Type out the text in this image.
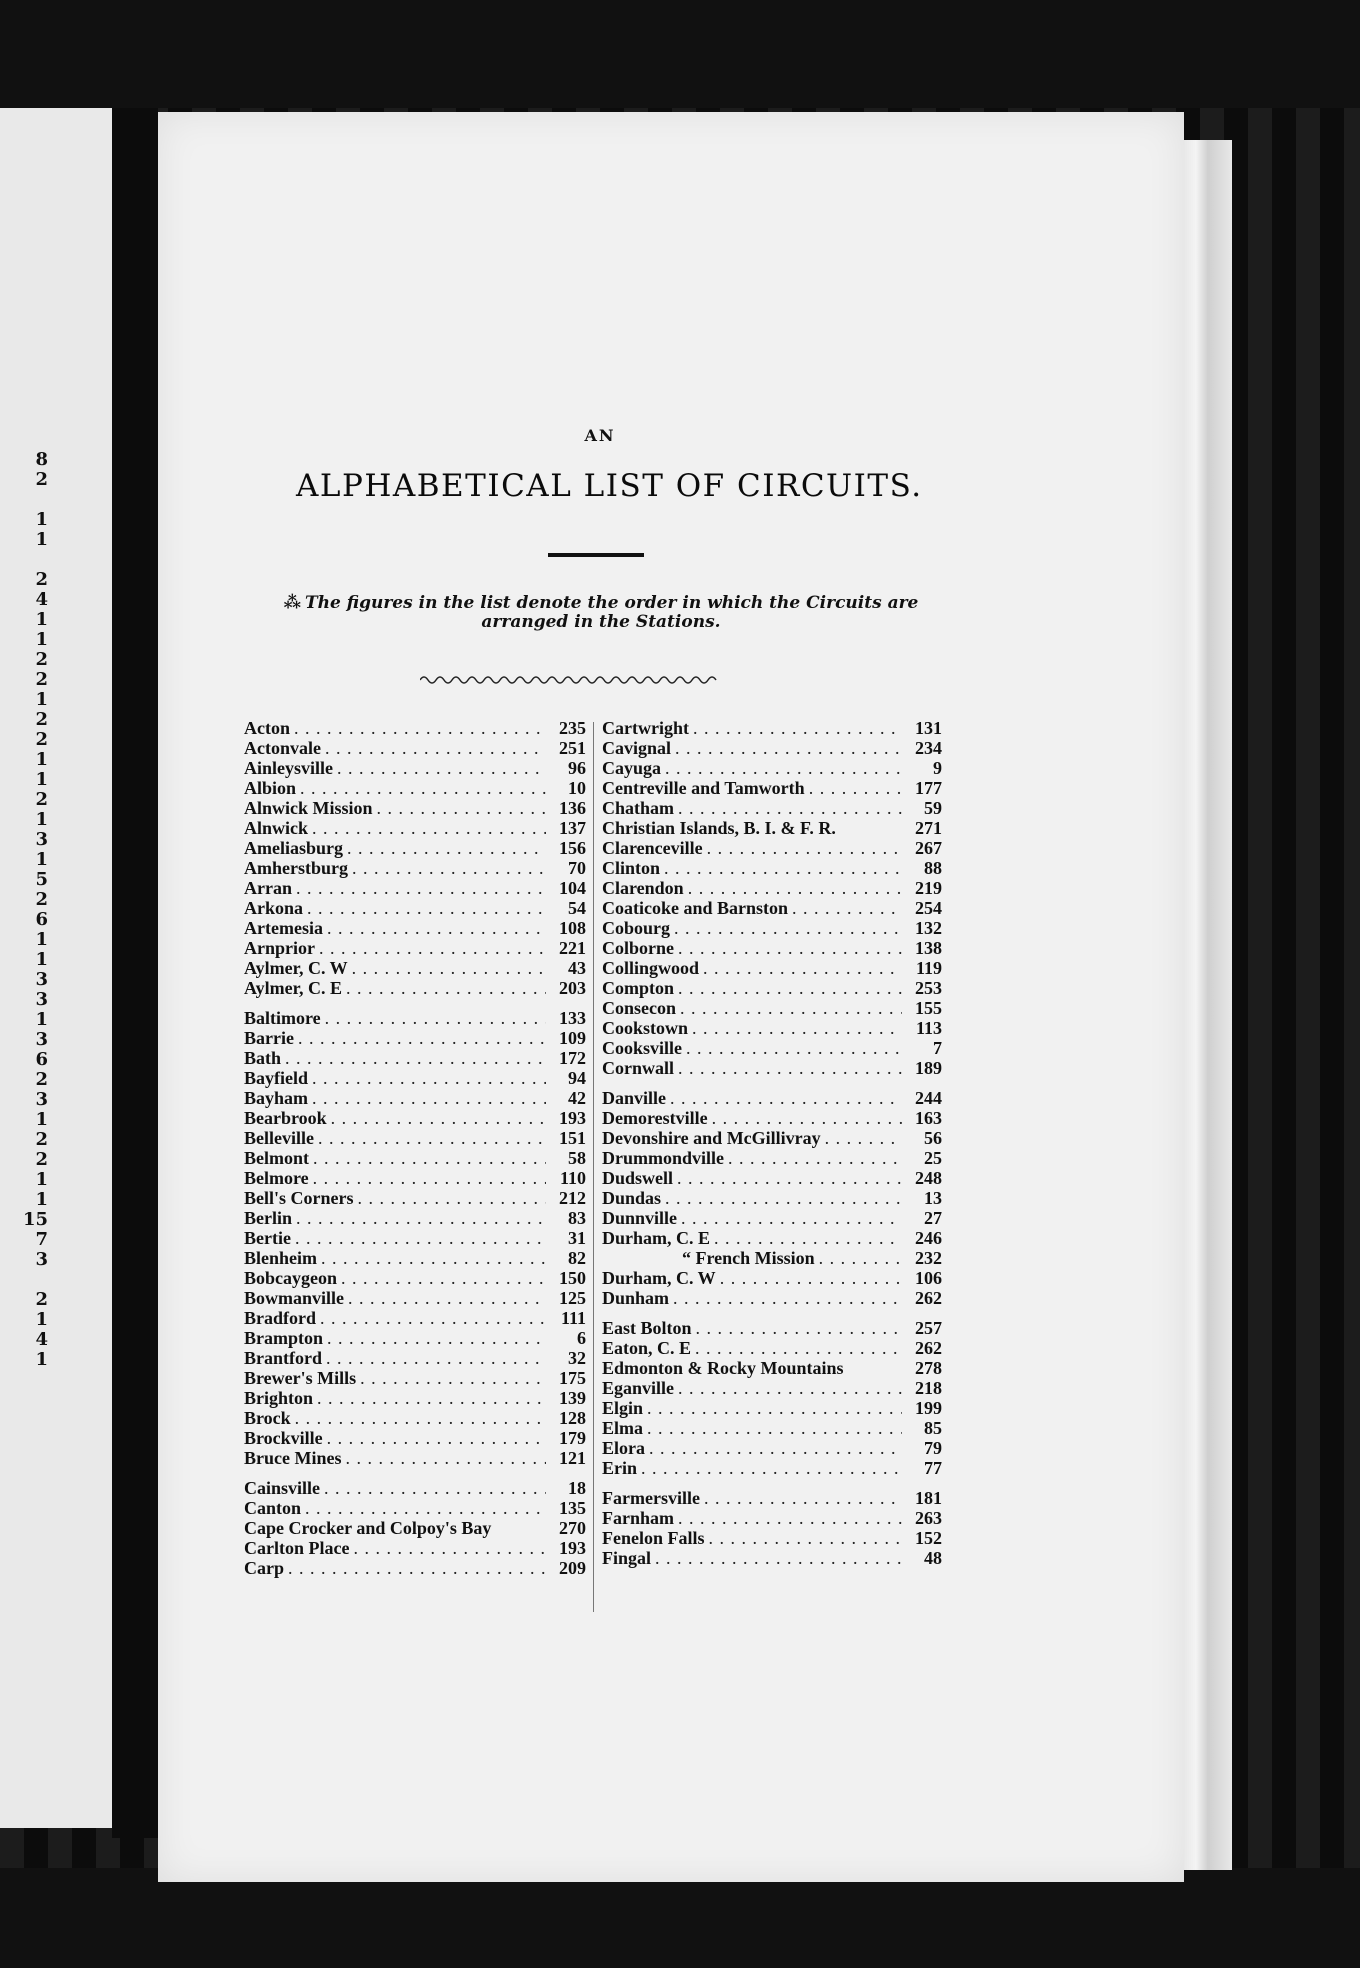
8
2
1
1
2
4
1
1
2
2
1
2
2
1
1
2
1
3
1
5
2
6
1
1
3
3
1
3
6
2
3
1
2
2
1
1
15
7
3
2
1
4
1
AN
ALPHABETICAL LIST OF CIRCUITS.
⁂ The figures in the list denote the order in which the Circuits are arranged in the Stations.
Acton . . .	235
Actonvale . . .	251
Ainleysville . . .	96
Albion . . .	10
Alnwick Mission . . .	136
Alnwick . . .	137
Ameliasburg . . .	156
Amherstburg . . .	70
Arran . . .	104
Arkona . . .	54
Artemesia . . .	108
Arnprior . . .	221
Aylmer, C. W . . .	43
Aylmer, C. E . . .	203
Baltimore . . .	133
Barrie . . .	109
Bath . . .	172
Bayfield . . .	94
Bayham . . .	42
Bearbrook . . .	193
Belleville . . .	151
Belmont . . .	58
Belmore . . .	110
Bell's Corners . . .	212
Berlin . . .	83
Bertie . . .	31
Blenheim . . .	82
Bobcaygeon . . .	150
Bowmanville . . .	125
Bradford . . .	111
Brampton . . .	6
Brantford . . .	32
Brewer's Mills . . .	175
Brighton . . .	139
Brock . . .	128
Brockville . . .	179
Bruce Mines . . .	121
Cainsville . . .	18
Canton . . .	135
Cape Crocker and Colpoy's Bay	270
Carlton Place . . .	193
Carp . . .	209
Cartwright . . .	131
Cavignal . . .	234
Cayuga . . .	9
Centreville and Tamworth . . .	177
Chatham . . .	59
Christian Islands, B. I. & F. R.	271
Clarenceville . . .	267
Clinton . . .	88
Clarendon . . .	219
Coaticoke and Barnston . . .	254
Cobourg . . .	132
Colborne . . .	138
Collingwood . . .	119
Compton . . .	253
Consecon . . .	155
Cookstown . . .	113
Cooksville . . .	7
Cornwall . . .	189
Danville . . .	244
Demorestville . . .	163
Devonshire and McGillivray . . .	56
Drummondville . . .	25
Dudswell . . .	248
Dundas . . .	13
Dunnville . . .	27
Durham, C. E . . .	246
“ French Mission . . .	232
Durham, C. W . . .	106
Dunham . . .	262
East Bolton . . .	257
Eaton, C. E . . .	262
Edmonton & Rocky Mountains	278
Eganville . . .	218
Elgin . . .	199
Elma . . .	85
Elora . . .	79
Erin . . .	77
Farmersville . . .	181
Farnham . . .	263
Fenelon Falls . . .	152
Fingal . . .	48
